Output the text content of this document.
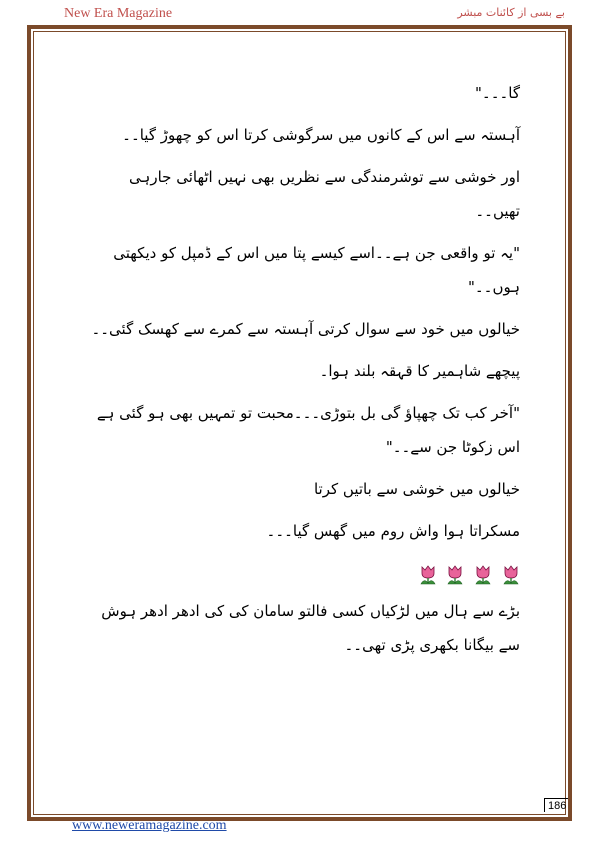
New Era Magazine	بے بسی از کائنات مبشر

گا۔۔۔"

آہستہ سے اس کے کانوں میں سرگوشی کرتا اس کو چھوڑ گیا۔۔

اور خوشی سے توشرمندگی سے نظریں بھی نہیں اٹھائی جارہی تھیں۔۔

"یہ تو واقعی جن ہے۔۔اسے کیسے پتا میں اس کے ڈمپل کو دیکھتی ہوں۔۔"

خیالوں میں خود سے سوال کرتی آہستہ سے کمرے سے کھسک گئی۔۔

پیچھے شاہمیر کا قہقہ بلند ہوا۔

"آخر کب تک چھپاؤ گی بل بتوڑی۔۔۔محبت تو تمہیں بھی ہو گئی ہے اس زکوٹا جن سے۔۔"

خیالوں میں خوشی سے باتیں کرتا

مسکراتا ہوا واش روم میں گھس گیا۔۔۔

بڑے سے ہال میں لڑکیاں کسی فالتو سامان کی کی ادھر ادھر ہوش سے بیگانا بکھری پڑی تھی۔۔

186
www.neweramagazine.com
